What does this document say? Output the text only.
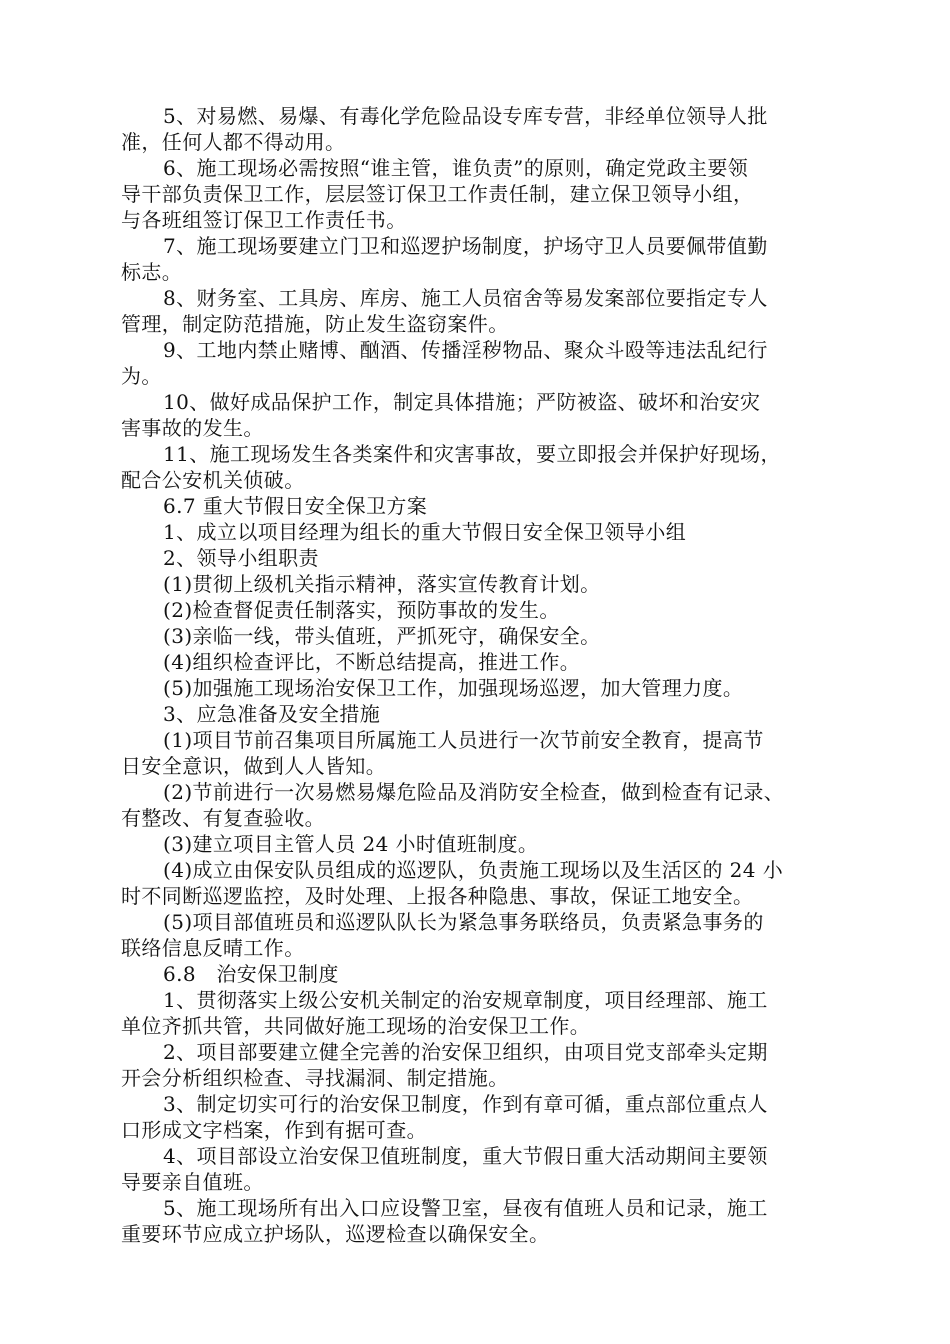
5、对易燃、易爆、有毒化学危险品设专库专营，非经单位领导人批
准，任何人都不得动用。
6、施工现场必需按照“谁主管，谁负责”的原则，确定党政主要领
导干部负责保卫工作，层层签订保卫工作责任制，建立保卫领导小组，
与各班组签订保卫工作责任书。
7、施工现场要建立门卫和巡逻护场制度，护场守卫人员要佩带值勤
标志。
8、财务室、工具房、库房、施工人员宿舍等易发案部位要指定专人
管理，制定防范措施，防止发生盗窃案件。
9、工地内禁止赌博、酗酒、传播淫秽物品、聚众斗殴等违法乱纪行
为。
10、做好成品保护工作，制定具体措施；严防被盗、破坏和治安灾
害事故的发生。
11、施工现场发生各类案件和灾害事故，要立即报会并保护好现场，
配合公安机关侦破。
6.7 重大节假日安全保卫方案
1、成立以项目经理为组长的重大节假日安全保卫领导小组
2、领导小组职责
(1)贯彻上级机关指示精神，落实宣传教育计划。
(2)检查督促责任制落实，预防事故的发生。
(3)亲临一线，带头值班，严抓死守，确保安全。
(4)组织检查评比，不断总结提高，推进工作。
(5)加强施工现场治安保卫工作，加强现场巡逻，加大管理力度。
3、应急准备及安全措施
(1)项目节前召集项目所属施工人员进行一次节前安全教育，提高节
日安全意识，做到人人皆知。
(2)节前进行一次易燃易爆危险品及消防安全检查，做到检查有记录、
有整改、有复查验收。
(3)建立项目主管人员 24 小时值班制度。
(4)成立由保安队员组成的巡逻队，负责施工现场以及生活区的 24 小
时不同断巡逻监控，及时处理、上报各种隐患、事故，保证工地安全。
(5)项目部值班员和巡逻队队长为紧急事务联络员，负责紧急事务的
联络信息反晴工作。
6.8　治安保卫制度
1、贯彻落实上级公安机关制定的治安规章制度，项目经理部、施工
单位齐抓共管，共同做好施工现场的治安保卫工作。
2、项目部要建立健全完善的治安保卫组织，由项目党支部牵头定期
开会分析组织检查、寻找漏洞、制定措施。
3、制定切实可行的治安保卫制度，作到有章可循，重点部位重点人
口形成文字档案，作到有据可查。
4、项目部设立治安保卫值班制度，重大节假日重大活动期间主要领
导要亲自值班。
5、施工现场所有出入口应设警卫室，昼夜有值班人员和记录，施工
重要环节应成立护场队，巡逻检查以确保安全。
